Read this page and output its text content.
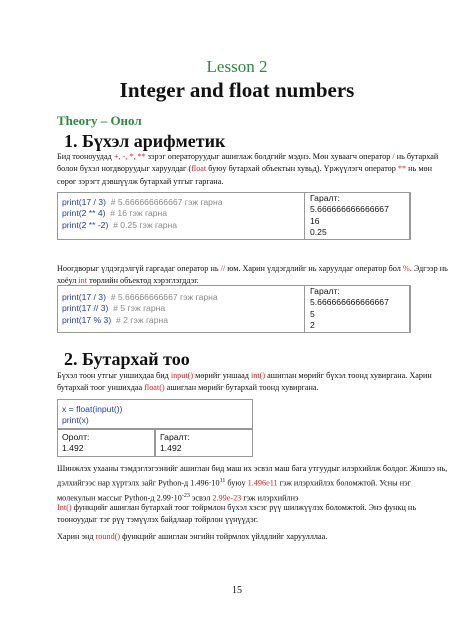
Lesson 2
Integer and float numbers
Theory – Онол
1. Бүхэл арифметик
Бид тооноуудад +, -, *, ** зэрэг операторуудыг ашиглаж болдгийг мэднэ. Мөн хуваагч оператор / нь бутархай болон бүхэл ногдворуудыг харуулдаг (float буюу бутархай объектын хувьд). Үржүүлэгч оператор ** нь мөн сөрөг зэрэгт дэвшүүлж бутархай утгыг гаргана.
print(17 / 3)  # 5.666666666667 гэж гарна
print(2 ** 4)  # 16 гэж гарна
print(2 ** -2)  # 0.25 гэж гарна
Гаралт:
5.666666666666667
16
0.25
Ноогдворыг үлдэгдэлгүй гаргадаг оператор нь // юм. Харин үлдэгдлийг нь харуулдаг оператор бол %. Эдгээр нь хоёул int төрлийн объектод хэрэглэгддэг.
print(17 / 3)  # 5.66666666667 гэж гарна
print(17 // 3)  # 5 гэж гарна
print(17 % 3)  # 2 гэж гарна
Гаралт:
5.666666666666667
5
2
2. Бутархай тоо
Бүхэл тоон утгыг уншихдаа бид input() мөрийг уншаад int() ашиглан мөрийг бүхэл тоонд хувиргана. Харин бутархай тоог уншихдаа float() ашиглан мөрийг бутархай тоонд хувиргана.
x = float(input())
print(x)
Оролт:
1.492
Гаралт:
1.492
Шинжлэх ухааны тэмдэглэгээнийг ашиглан бид маш их эсвэл маш бага утгуудыг илэрхийлж болдог. Жишээ нь, дэлхийгээс нар хүртэлх зайг Python-д $1.496\cdot 10^{11}$ буюу 1.496e11 гэж илэрхийлэх боломжтой. Усны нэг молекулын массыг Python-д $2.99\cdot 10^{-23}$ эсвэл 2.99e-23 гэж илэрхийлнэ
Int() функцийг ашиглан бутархай тоог тойрмлон бүхэл хэсэг рүү шилжүүлэх боломжтой. Энэ функц нь тооноуудыг тэг рүү тэмүүлэх байдлаар тойрлон үүнүүдэг.
Харин энд round() функцийг ашиглан энгийн тойрмлох үйлдлийг харуулллаа.
15
